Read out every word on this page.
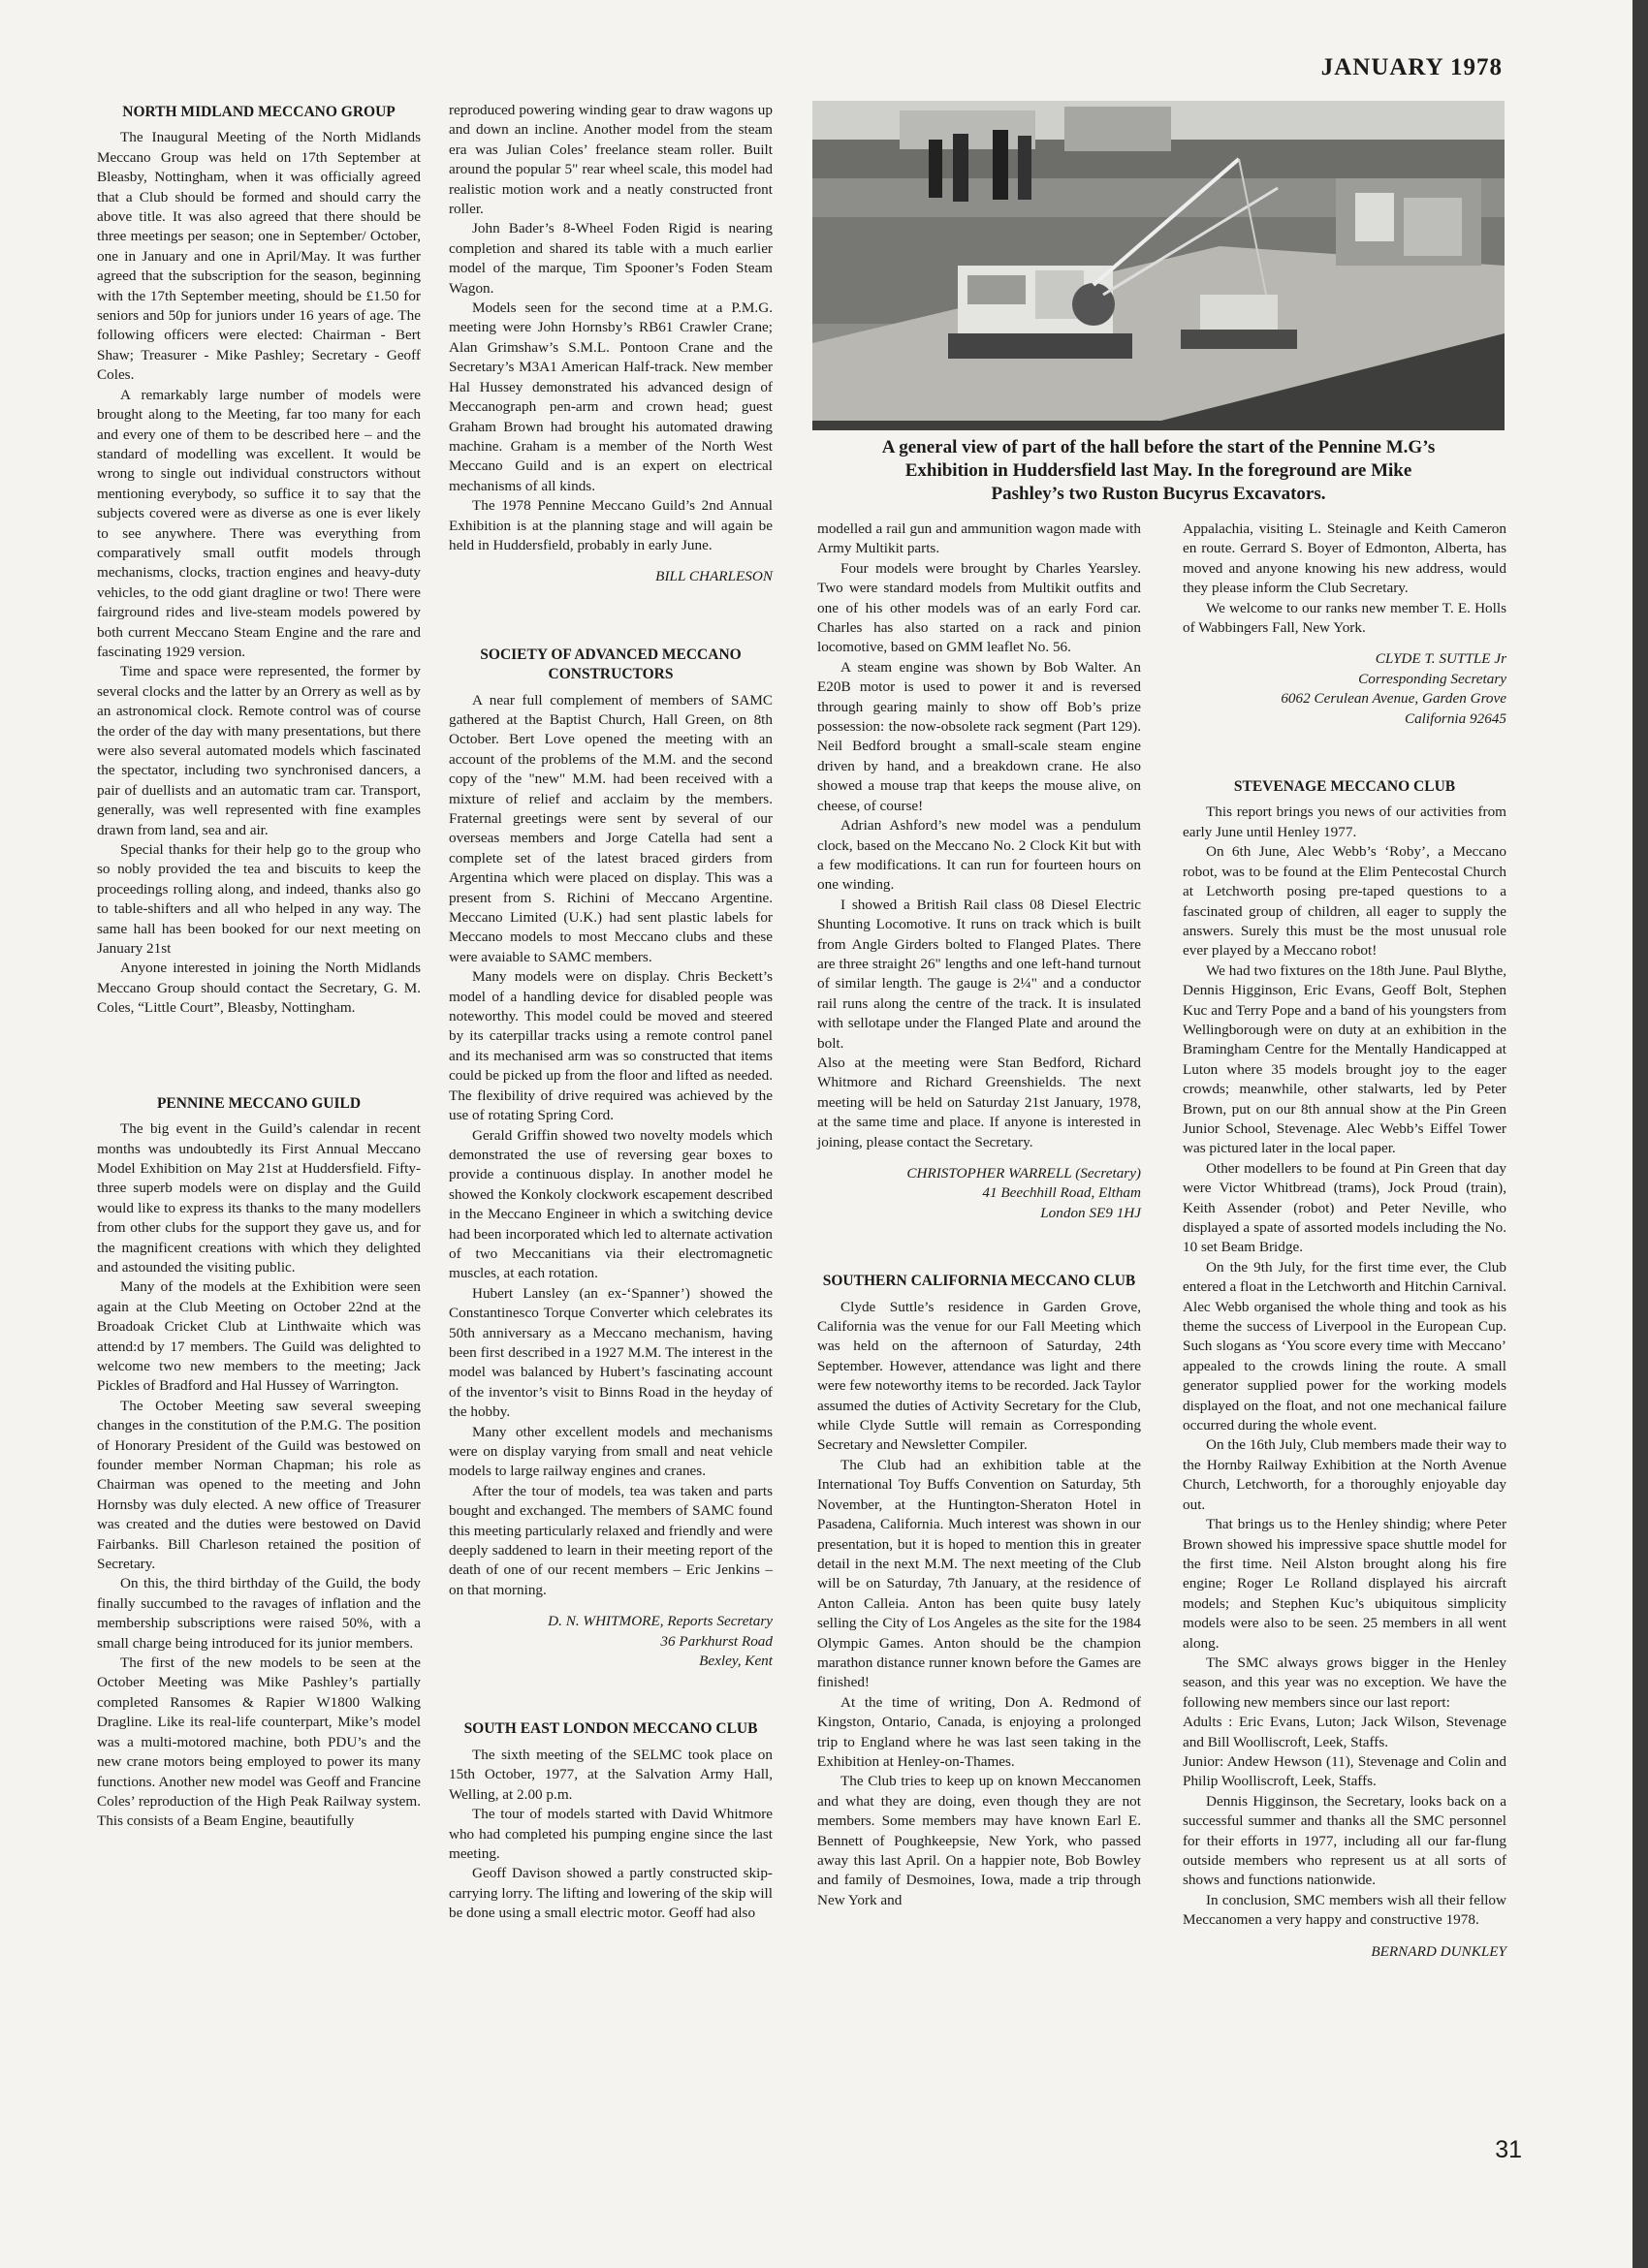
JANUARY 1978

NORTH MIDLAND MECCANO GROUP

The Inaugural Meeting of the North Midlands Meccano Group was held on 17th September at Bleasby, Nottingham, when it was officially agreed that a Club should be formed and should carry the above title. It was also agreed that there should be three meetings per season; one in September/ October, one in January and one in April/May. It was further agreed that the subscription for the season, beginning with the 17th September meeting, should be £1.50 for seniors and 50p for juniors under 16 years of age. The following officers were elected: Chairman - Bert Shaw; Treasurer - Mike Pashley; Secretary - Geoff Coles.

A remarkably large number of models were brought along to the Meeting, far too many for each and every one of them to be described here – and the standard of modelling was excellent. It would be wrong to single out individual constructors without mentioning everybody, so suffice it to say that the subjects covered were as diverse as one is ever likely to see anywhere. There was everything from comparatively small outfit models through mechanisms, clocks, traction engines and heavy-duty vehicles, to the odd giant dragline or two! There were fairground rides and live-steam models powered by both current Meccano Steam Engine and the rare and fascinating 1929 version.

Time and space were represented, the former by several clocks and the latter by an Orrery as well as by an astronomical clock. Remote control was of course the order of the day with many presentations, but there were also several automated models which fascinated the spectator, including two synchronised dancers, a pair of duellists and an automatic tram car. Transport, generally, was well represented with fine examples drawn from land, sea and air.

Special thanks for their help go to the group who so nobly provided the tea and biscuits to keep the proceedings rolling along, and indeed, thanks also go to table-shifters and all who helped in any way. The same hall has been booked for our next meeting on January 21st

Anyone interested in joining the North Midlands Meccano Group should contact the Secretary, G. M. Coles, “Little Court”, Bleasby, Nottingham.

PENNINE MECCANO GUILD

The big event in the Guild’s calendar in recent months was undoubtedly its First Annual Meccano Model Exhibition on May 21st at Huddersfield. Fifty-three superb models were on display and the Guild would like to express its thanks to the many modellers from other clubs for the support they gave us, and for the magnificent creations with which they delighted and astounded the visiting public.

Many of the models at the Exhibition were seen again at the Club Meeting on October 22nd at the Broadoak Cricket Club at Linthwaite which was attend:d by 17 members. The Guild was delighted to welcome two new members to the meeting; Jack Pickles of Bradford and Hal Hussey of Warrington.

The October Meeting saw several sweeping changes in the constitution of the P.M.G. The position of Honorary President of the Guild was bestowed on founder member Norman Chapman; his role as Chairman was opened to the meeting and John Hornsby was duly elected. A new office of Treasurer was created and the duties were bestowed on David Fairbanks. Bill Charleson retained the position of Secretary.

On this, the third birthday of the Guild, the body finally succumbed to the ravages of inflation and the membership subscriptions were raised 50%, with a small charge being introduced for its junior members.

The first of the new models to be seen at the October Meeting was Mike Pashley’s partially completed Ransomes & Rapier W1800 Walking Dragline. Like its real-life counterpart, Mike’s model was a multi-motored machine, both PDU’s and the new crane motors being employed to power its many functions. Another new model was Geoff and Francine Coles’ reproduction of the High Peak Railway system. This consists of a Beam Engine, beautifully

reproduced powering winding gear to draw wagons up and down an incline. Another model from the steam era was Julian Coles’ freelance steam roller. Built around the popular 5" rear wheel scale, this model had realistic motion work and a neatly constructed front roller.

John Bader’s 8-Wheel Foden Rigid is nearing completion and shared its table with a much earlier model of the marque, Tim Spooner’s Foden Steam Wagon.

Models seen for the second time at a P.M.G. meeting were John Hornsby’s RB61 Crawler Crane; Alan Grimshaw’s S.M.L. Pontoon Crane and the Secretary’s M3A1 American Half-track. New member Hal Hussey demonstrated his advanced design of Meccanograph pen-arm and crown head; guest Graham Brown had brought his automated drawing machine. Graham is a member of the North West Meccano Guild and is an expert on electrical mechanisms of all kinds.

The 1978 Pennine Meccano Guild’s 2nd Annual Exhibition is at the planning stage and will again be held in Huddersfield, probably in early June.

BILL CHARLESON

SOCIETY OF ADVANCED MECCANO CONSTRUCTORS

A near full complement of members of SAMC gathered at the Baptist Church, Hall Green, on 8th October. Bert Love opened the meeting with an account of the problems of the M.M. and the second copy of the "new" M.M. had been received with a mixture of relief and acclaim by the members. Fraternal greetings were sent by several of our overseas members and Jorge Catella had sent a complete set of the latest braced girders from Argentina which were placed on display. This was a present from S. Richini of Meccano Argentine. Meccano Limited (U.K.) had sent plastic labels for Meccano models to most Meccano clubs and these were avaiable to SAMC members.

Many models were on display. Chris Beckett’s model of a handling device for disabled people was noteworthy. This model could be moved and steered by its caterpillar tracks using a remote control panel and its mechanised arm was so constructed that items could be picked up from the floor and lifted as needed. The flexibility of drive required was achieved by the use of rotating Spring Cord.

Gerald Griffin showed two novelty models which demonstrated the use of reversing gear boxes to provide a continuous display. In another model he showed the Konkoly clockwork escapement described in the Meccano Engineer in which a switching device had been incorporated which led to alternate activation of two Meccanitians via their electromagnetic muscles, at each rotation.

Hubert Lansley (an ex-‘Spanner’) showed the Constantinesco Torque Converter which celebrates its 50th anniversary as a Meccano mechanism, having been first described in a 1927 M.M. The interest in the model was balanced by Hubert’s fascinating account of the inventor’s visit to Binns Road in the heyday of the hobby.

Many other excellent models and mechanisms were on display varying from small and neat vehicle models to large railway engines and cranes.

After the tour of models, tea was taken and parts bought and exchanged. The members of SAMC found this meeting particularly relaxed and friendly and were deeply saddened to learn in their meeting report of the death of one of our recent members – Eric Jenkins – on that morning.

D. N. WHITMORE, Reports Secretary

36 Parkhurst Road

Bexley, Kent

SOUTH EAST LONDON MECCANO CLUB

The sixth meeting of the SELMC took place on 15th October, 1977, at the Salvation Army Hall, Welling, at 2.00 p.m.

The tour of models started with David Whitmore who had completed his pumping engine since the last meeting.

Geoff Davison showed a partly constructed skip-carrying lorry. The lifting and lowering of the skip will be done using a small electric motor. Geoff had also

A general view of part of the hall before the start of the Pennine M.G’s
Exhibition in Huddersfield last May. In the foreground are Mike
Pashley’s two Ruston Bucyrus Excavators.

modelled a rail gun and ammunition wagon made with Army Multikit parts.

Four models were brought by Charles Yearsley. Two were standard models from Multikit outfits and one of his other models was of an early Ford car. Charles has also started on a rack and pinion locomotive, based on GMM leaflet No. 56.

A steam engine was shown by Bob Walter. An E20B motor is used to power it and is reversed through gearing mainly to show off Bob’s prize possession: the now-obsolete rack segment (Part 129). Neil Bedford brought a small-scale steam engine driven by hand, and a breakdown crane. He also showed a mouse trap that keeps the mouse alive, on cheese, of course!

Adrian Ashford’s new model was a pendulum clock, based on the Meccano No. 2 Clock Kit but with a few modifications. It can run for fourteen hours on one winding.

I showed a British Rail class 08 Diesel Electric Shunting Locomotive. It runs on track which is built from Angle Girders bolted to Flanged Plates. There are three straight 26" lengths and one left-hand turnout of similar length. The gauge is 2¼" and a conductor rail runs along the centre of the track. It is insulated with sellotape under the Flanged Plate and around the bolt.

Also at the meeting were Stan Bedford, Richard Whitmore and Richard Greenshields. The next meeting will be held on Saturday 21st January, 1978, at the same time and place. If anyone is interested in joining, please contact the Secretary.

CHRISTOPHER WARRELL (Secretary)

41 Beechhill Road, Eltham

London SE9 1HJ

SOUTHERN CALIFORNIA MECCANO CLUB

Clyde Suttle’s residence in Garden Grove, California was the venue for our Fall Meeting which was held on the afternoon of Saturday, 24th September. However, attendance was light and there were few noteworthy items to be recorded. Jack Taylor assumed the duties of Activity Secretary for the Club, while Clyde Suttle will remain as Corresponding Secretary and Newsletter Compiler.

The Club had an exhibition table at the International Toy Buffs Convention on Saturday, 5th November, at the Huntington-Sheraton Hotel in Pasadena, California. Much interest was shown in our presentation, but it is hoped to mention this in greater detail in the next M.M. The next meeting of the Club will be on Saturday, 7th January, at the residence of Anton Calleia. Anton has been quite busy lately selling the City of Los Angeles as the site for the 1984 Olympic Games. Anton should be the champion marathon distance runner known before the Games are finished!

At the time of writing, Don A. Redmond of Kingston, Ontario, Canada, is enjoying a prolonged trip to England where he was last seen taking in the Exhibition at Henley-on-Thames.

The Club tries to keep up on known Meccanomen and what they are doing, even though they are not members. Some members may have known Earl E. Bennett of Poughkeepsie, New York, who passed away this last April. On a happier note, Bob Bowley and family of Desmoines, Iowa, made a trip through New York and

Appalachia, visiting L. Steinagle and Keith Cameron en route. Gerrard S. Boyer of Edmonton, Alberta, has moved and anyone knowing his new address, would they please inform the Club Secretary.

We welcome to our ranks new member T. E. Holls of Wabbingers Fall, New York.

CLYDE T. SUTTLE Jr

Corresponding Secretary

6062 Cerulean Avenue, Garden Grove

California 92645

STEVENAGE MECCANO CLUB

This report brings you news of our activities from early June until Henley 1977.

On 6th June, Alec Webb’s ‘Roby’, a Meccano robot, was to be found at the Elim Pentecostal Church at Letchworth posing pre-taped questions to a fascinated group of children, all eager to supply the answers. Surely this must be the most unusual role ever played by a Meccano robot!

We had two fixtures on the 18th June. Paul Blythe, Dennis Higginson, Eric Evans, Geoff Bolt, Stephen Kuc and Terry Pope and a band of his youngsters from Wellingborough were on duty at an exhibition in the Bramingham Centre for the Mentally Handicapped at Luton where 35 models brought joy to the eager crowds; meanwhile, other stalwarts, led by Peter Brown, put on our 8th annual show at the Pin Green Junior School, Stevenage. Alec Webb’s Eiffel Tower was pictured later in the local paper.

Other modellers to be found at Pin Green that day were Victor Whitbread (trams), Jock Proud (train), Keith Assender (robot) and Peter Neville, who displayed a spate of assorted models including the No. 10 set Beam Bridge.

On the 9th July, for the first time ever, the Club entered a float in the Letchworth and Hitchin Carnival. Alec Webb organised the whole thing and took as his theme the success of Liverpool in the European Cup. Such slogans as ‘You score every time with Meccano’ appealed to the crowds lining the route. A small generator supplied power for the working models displayed on the float, and not one mechanical failure occurred during the whole event.

On the 16th July, Club members made their way to the Hornby Railway Exhibition at the North Avenue Church, Letchworth, for a thoroughly enjoyable day out.

That brings us to the Henley shindig; where Peter Brown showed his impressive space shuttle model for the first time. Neil Alston brought along his fire engine; Roger Le Rolland displayed his aircraft models; and Stephen Kuc’s ubiquitous simplicity models were also to be seen. 25 members in all went along.

The SMC always grows bigger in the Henley season, and this year was no exception. We have the following new members since our last report:

Adults : Eric Evans, Luton; Jack Wilson, Stevenage and Bill Woolliscroft, Leek, Staffs.

Junior: Andew Hewson (11), Stevenage and Colin and Philip Woolliscroft, Leek, Staffs.

Dennis Higginson, the Secretary, looks back on a successful summer and thanks all the SMC personnel for their efforts in 1977, including all our far-flung outside members who represent us at all sorts of shows and functions nationwide.

In conclusion, SMC members wish all their fellow Meccanomen a very happy and constructive 1978.

BERNARD DUNKLEY

31
